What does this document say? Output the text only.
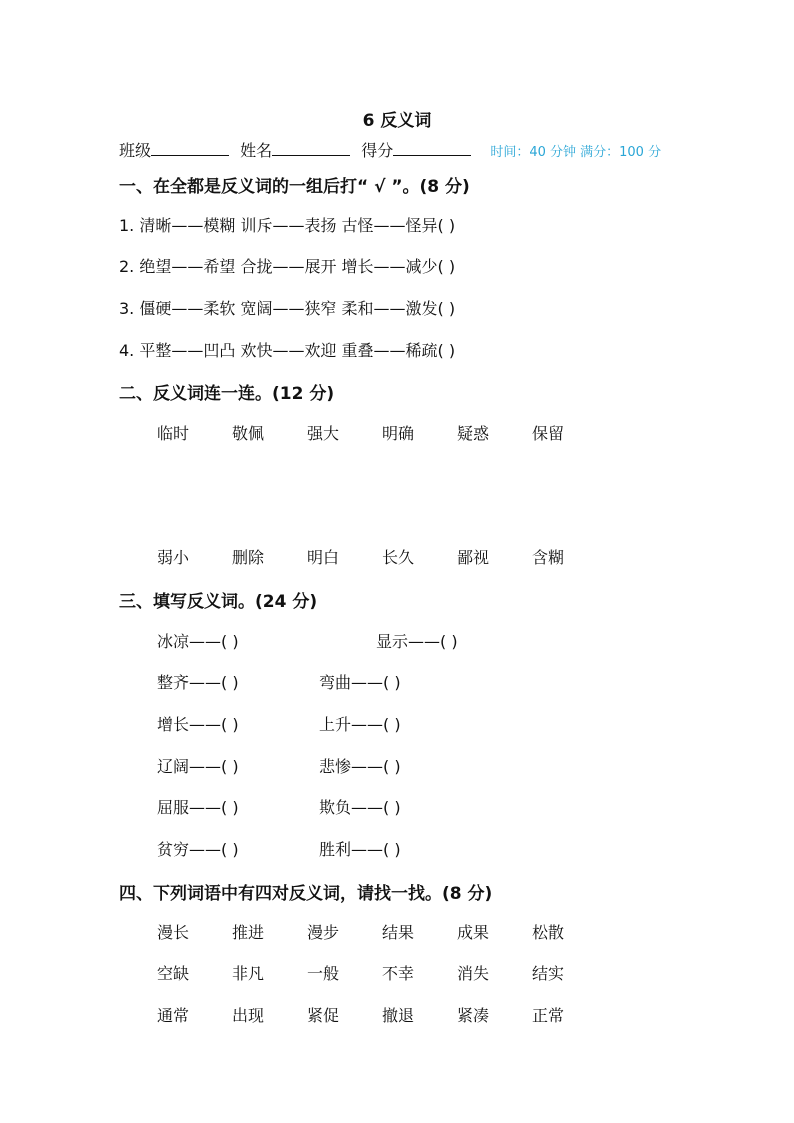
6 反义词
班级	姓名	得分	时间：40 分钟 满分：100 分
一、在全都是反义词的一组后打“ √ ”。(8 分)
1. 清晰——模糊 训斥——表扬 古怪——怪异( )
2. 绝望——希望 合拢——展开 增长——减少( )
3. 僵硬——柔软 宽阔——狭窄 柔和——激发( )
4. 平整——凹凸 欢快——欢迎 重叠——稀疏( )
二、反义词连一连。(12 分)
临时	敬佩	强大	明确	疑惑	保留
弱小	删除	明白	长久	鄙视	含糊
三、填写反义词。(24 分)
冰凉——( )	显示——( )
整齐——( )	弯曲——( )
增长——( )	上升——( )
辽阔——( )	悲惨——( )
屈服——( )	欺负——( )
贫穷——( )	胜利——( )
四、下列词语中有四对反义词，请找一找。(8 分)
漫长	推进	漫步	结果	成果	松散
空缺	非凡	一般	不幸	消失	结实
通常	出现	紧促	撤退	紧凑	正常
